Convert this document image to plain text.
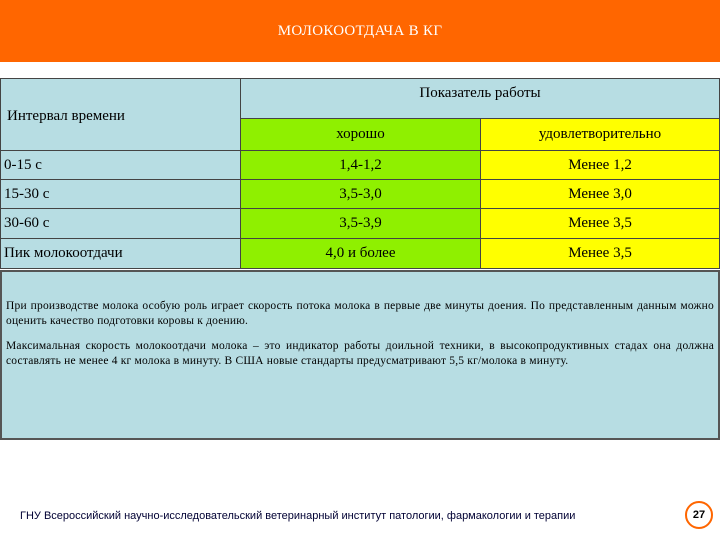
МОЛОКООТДАЧА В КГ
Интервал времени	Показатель работы	

	хорошо	удовлетворительно
0-15 с	1,4-1,2	Менее 1,2
15-30 с	3,5-3,0	Менее 3,0
30-60 с	3,5-3,9	Менее 3,5
Пик молокоотдачи	4,0 и более	Менее 3,5
При производстве молока особую роль играет скорость потока молока в первые две минуты доения. По представленным данным можно оценить качество подготовки коровы к доению.
Максимальная скорость молокоотдачи молока – это индикатор работы доильной техники, в высокопродуктивных стадах она должна составлять не менее 4 кг молока в минуту. В США новые стандарты предусматривают 5,5 кг/молока в минуту.
ГНУ Всероссийский научно-исследовательский ветеринарный институт патологии, фармакологии и терапии	27
